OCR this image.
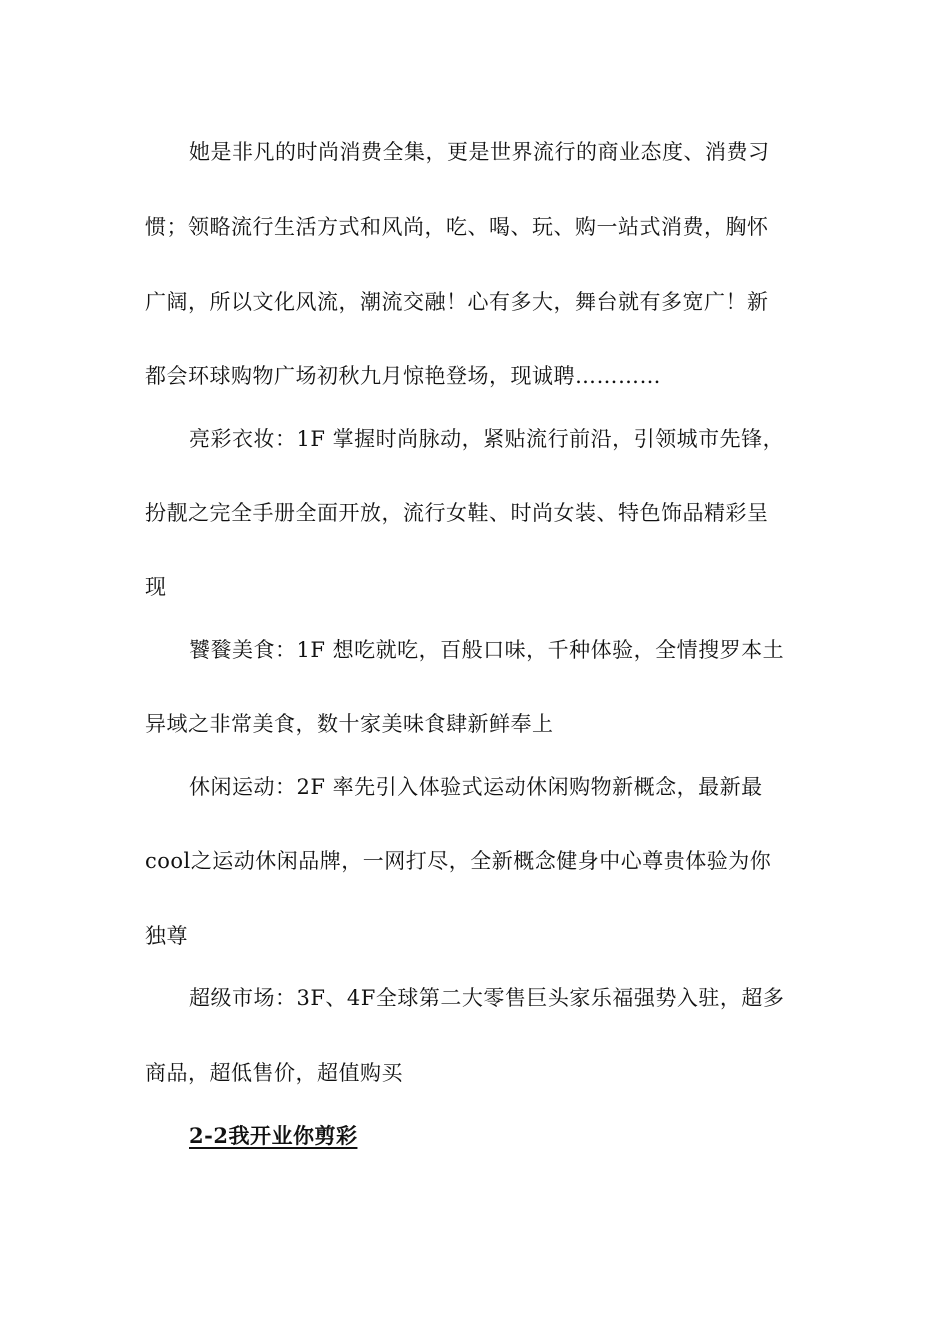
她是非凡的时尚消费全集，更是世界流行的商业态度、消费习
惯；领略流行生活方式和风尚，吃、喝、玩、购一站式消费，胸怀
广阔，所以文化风流，潮流交融！心有多大，舞台就有多宽广！新
都会环球购物广场初秋九月惊艳登场，现诚聘…………
亮彩衣妆：1F 掌握时尚脉动，紧贴流行前沿，引领城市先锋，
扮靓之完全手册全面开放，流行女鞋、时尚女装、特色饰品精彩呈
现
饕餮美食：1F 想吃就吃，百般口味，千种体验，全情搜罗本土
异域之非常美食，数十家美味食肆新鲜奉上
休闲运动：2F 率先引入体验式运动休闲购物新概念，最新最
cool之运动休闲品牌，一网打尽，全新概念健身中心尊贵体验为你
独尊
超级市场：3F、4F全球第二大零售巨头家乐福强势入驻，超多
商品，超低售价，超值购买
2-2我开业你剪彩
